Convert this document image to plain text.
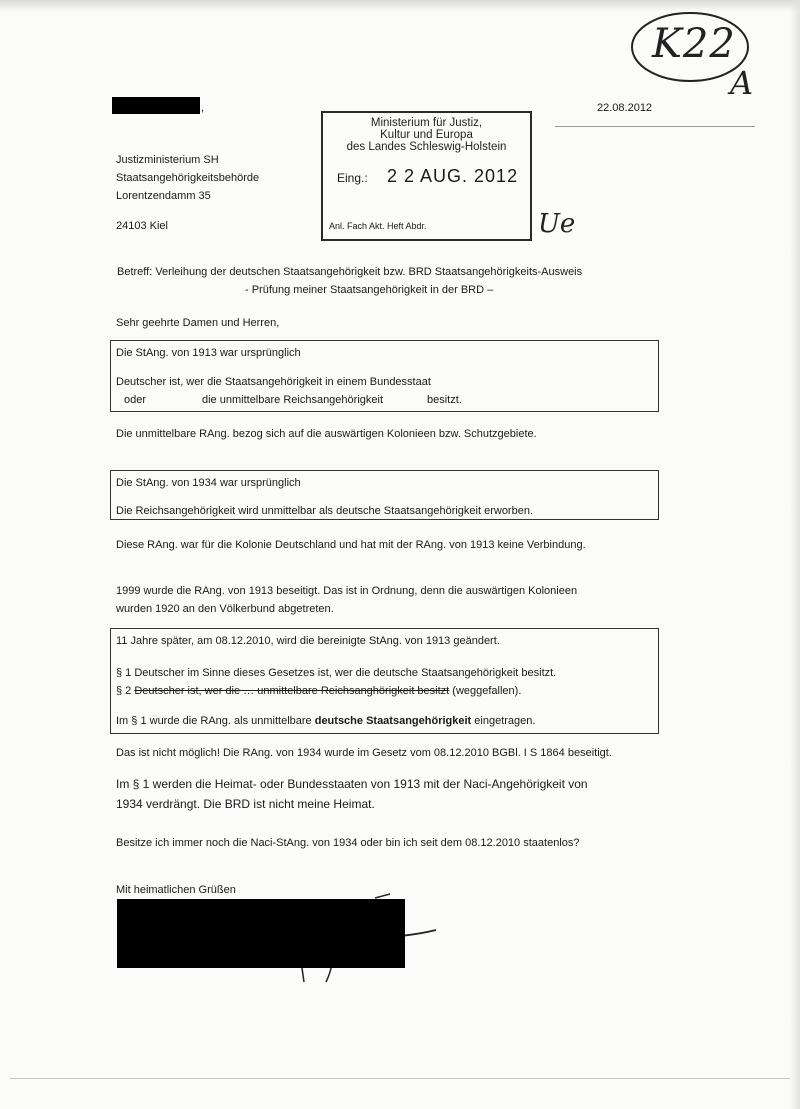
K22
A
,	22.08.2012
Justizministerium SH
Staatsangehörigkeitsbehörde
Lorentzendamm 35
24103 Kiel
Ministerium für Justiz,
Kultur und Europa
des Landes Schleswig-Holstein
Eing.: 2 2 AUG. 2012
Anl. Fach Akt. Heft Abdr.	Ue
Betreff: Verleihung der deutschen Staatsangehörigkeit bzw. BRD Staatsangehörigkeits-Ausweis
- Prüfung meiner Staatsangehörigkeit in der BRD –
Sehr geehrte Damen und Herren,
Die StAng. von 1913 war ursprünglich
Deutscher ist, wer die Staatsangehörigkeit in einem Bundesstaat
oder	die unmittelbare Reichsangehörigkeit	besitzt.
Die unmittelbare RAng. bezog sich auf die auswärtigen Kolonieen bzw. Schutzgebiete.
Die StAng. von 1934 war ursprünglich
Die Reichsangehörigkeit wird unmittelbar als deutsche Staatsangehörigkeit erworben.
Diese RAng. war für die Kolonie Deutschland und hat mit der RAng. von 1913 keine Verbindung.
1999 wurde die RAng. von 1913 beseitigt. Das ist in Ordnung, denn die auswärtigen Kolonieen
wurden 1920 an den Völkerbund abgetreten.
11 Jahre später, am 08.12.2010, wird die bereinigte StAng. von 1913 geändert.
§ 1 Deutscher im Sinne dieses Gesetzes ist, wer die deutsche Staatsangehörigkeit besitzt.
§ 2 Deutscher ist, wer die … unmittelbare Reichsanghörigkeit besitzt (weggefallen).
Im § 1 wurde die RAng. als unmittelbare deutsche Staatsangehörigkeit eingetragen.
Das ist nicht möglich! Die RAng. von 1934 wurde im Gesetz vom 08.12.2010 BGBl. I S 1864 beseitigt.
Im § 1 werden die Heimat- oder Bundesstaaten von 1913 mit der Naci-Angehörigkeit von
1934 verdrängt. Die BRD ist nicht meine Heimat.
Besitze ich immer noch die Naci-StAng. von 1934 oder bin ich seit dem 08.12.2010 staatenlos?
Mit heimatlichen Grüßen
